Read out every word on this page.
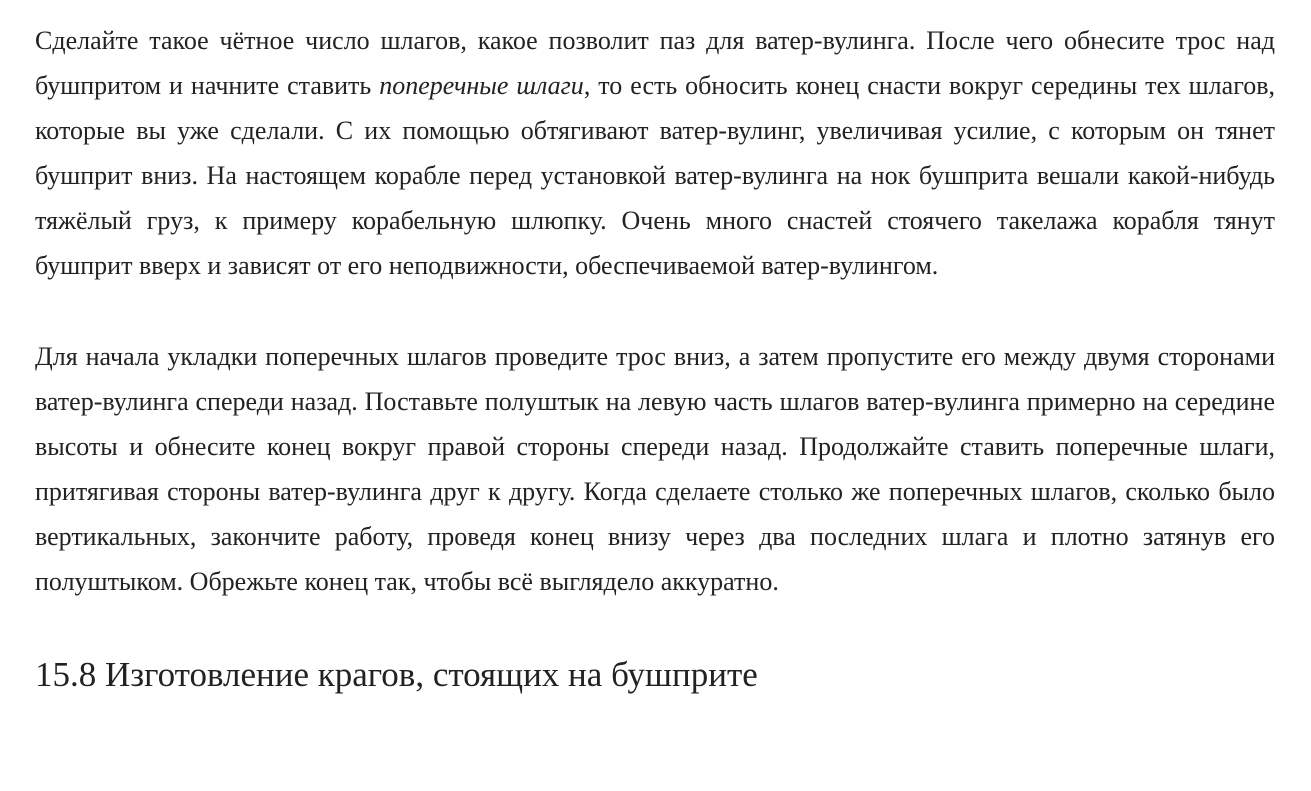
Сделайте такое чётное число шлагов, какое позволит паз для ватер-вулинга. После чего обнесите трос над бушпритом и начните ставить поперечные шлаги, то есть обносить конец снасти вокруг середины тех шлагов, которые вы уже сделали. С их помощью обтягивают ватер-вулинг, увеличивая усилие, с которым он тянет бушприт вниз. На настоящем корабле перед установкой ватер-вулинга на нок бушприта вешали какой-нибудь тяжёлый груз, к примеру корабельную шлюпку. Очень много снастей стоячего такелажа корабля тянут бушприт вверх и зависят от его неподвижности, обеспечиваемой ватер-вулингом.

Для начала укладки поперечных шлагов проведите трос вниз, а затем пропустите его между двумя сторонами ватер-вулинга спереди назад. Поставьте полуштык на левую часть шлагов ватер-вулинга примерно на середине высоты и обнесите конец вокруг правой стороны спереди назад. Продолжайте ставить поперечные шлаги, притягивая стороны ватер-вулинга друг к другу. Когда сделаете столько же поперечных шлагов, сколько было вертикальных, закончите работу, проведя конец внизу через два последних шлага и плотно затянув его полуштыком. Обрежьте конец так, чтобы всё выглядело аккуратно.

15.8 Изготовление крагов, стоящих на бушприте
